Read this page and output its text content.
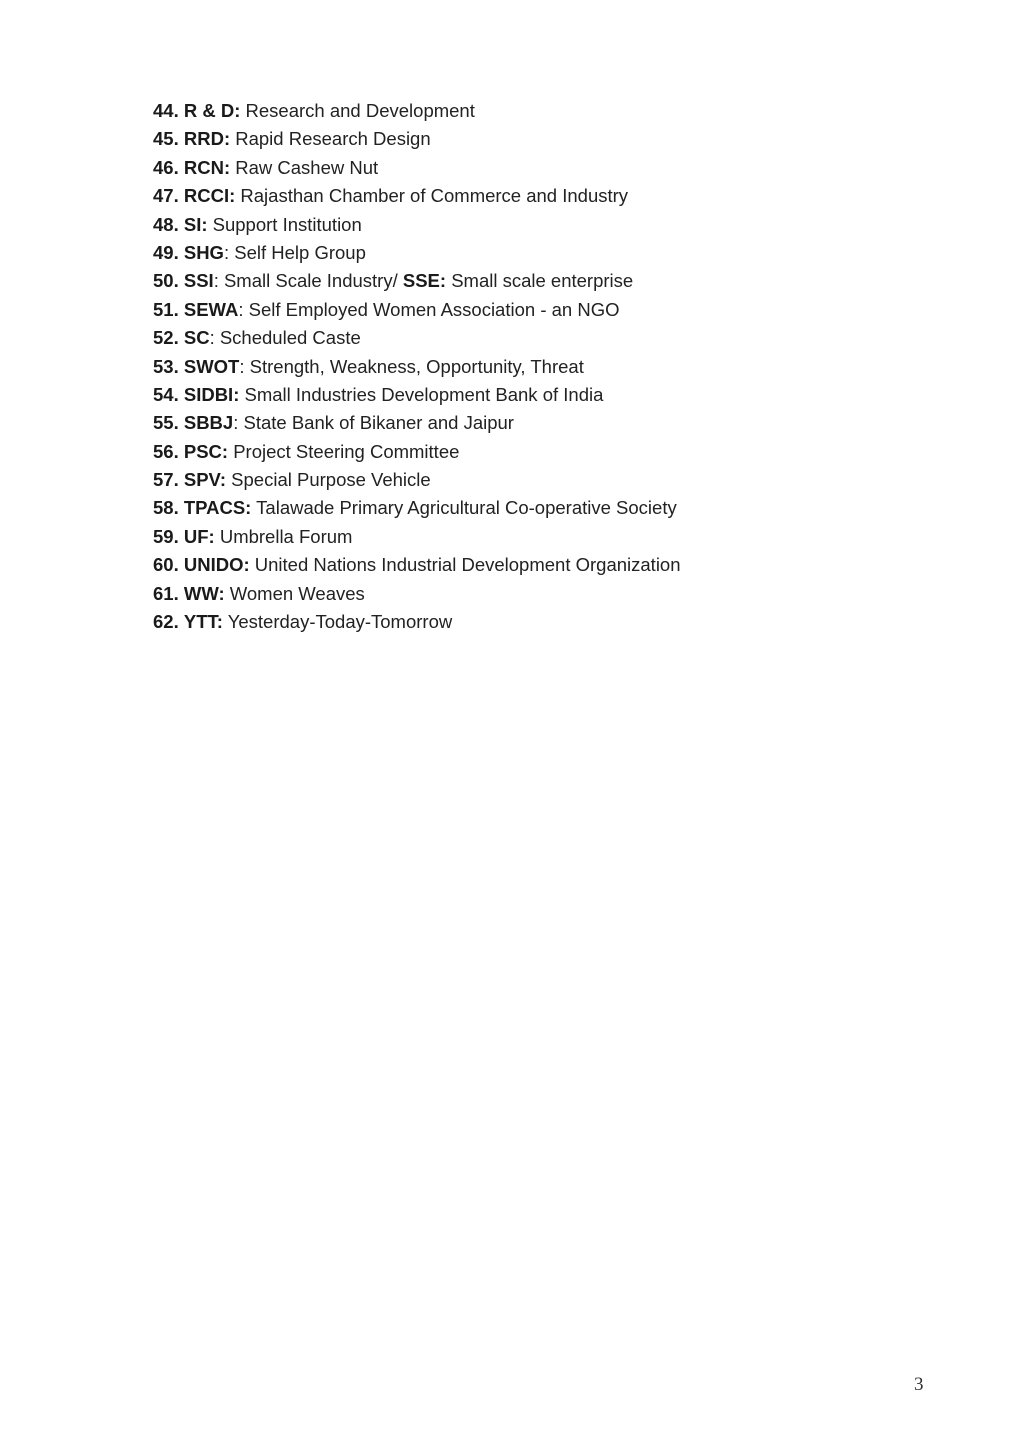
44. R & D: Research and Development
45. RRD: Rapid Research Design
46. RCN: Raw Cashew Nut
47. RCCI: Rajasthan Chamber of Commerce and Industry
48. SI: Support Institution
49. SHG: Self Help Group
50. SSI: Small Scale Industry/ SSE: Small scale enterprise
51. SEWA: Self Employed Women Association - an NGO
52. SC: Scheduled Caste
53. SWOT: Strength, Weakness, Opportunity, Threat
54. SIDBI: Small Industries Development Bank of India
55. SBBJ: State Bank of Bikaner and Jaipur
56. PSC: Project Steering Committee
57. SPV: Special Purpose Vehicle
58. TPACS: Talawade Primary Agricultural Co-operative Society
59. UF: Umbrella Forum
60. UNIDO: United Nations Industrial Development Organization
61. WW: Women Weaves
62. YTT: Yesterday-Today-Tomorrow
3
